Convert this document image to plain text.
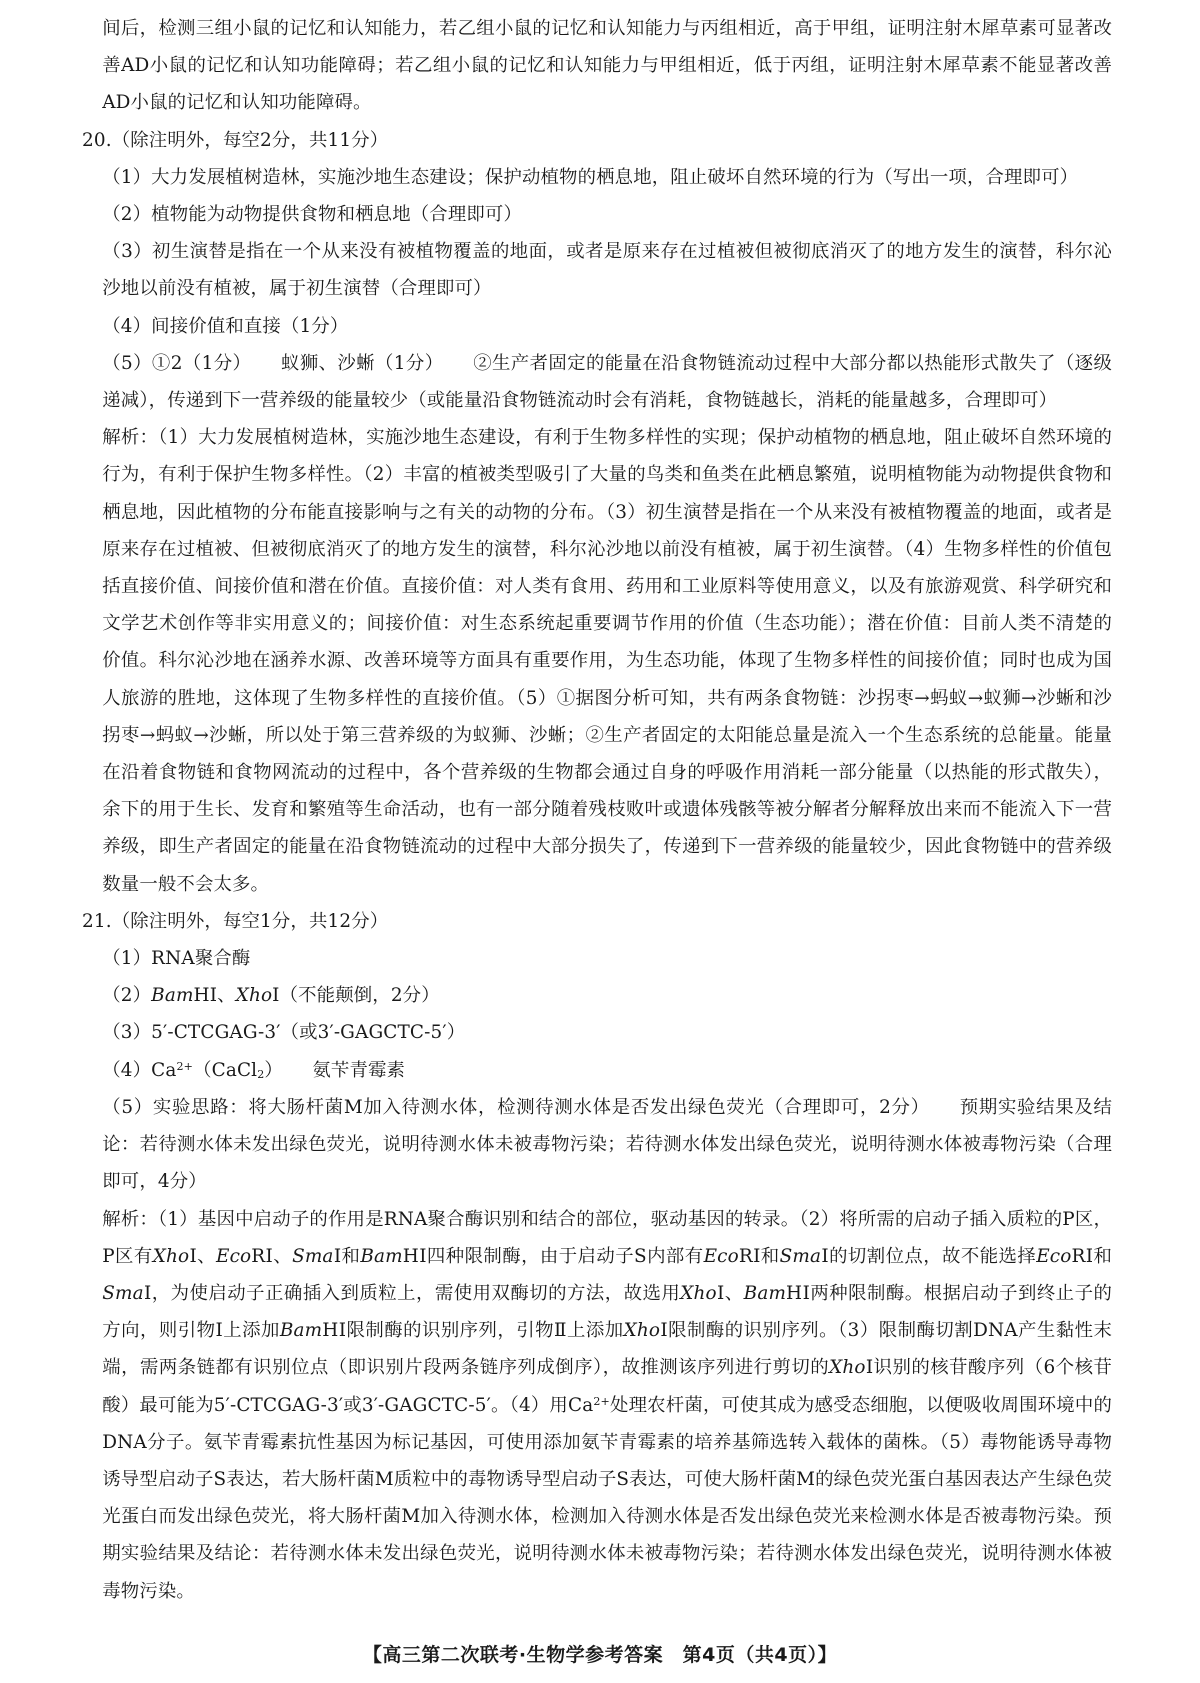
间后，检测三组小鼠的记忆和认知能力，若乙组小鼠的记忆和认知能力与丙组相近，高于甲组，证明注射木犀草素可显著改善AD小鼠的记忆和认知功能障碍；若乙组小鼠的记忆和认知能力与甲组相近，低于丙组，证明注射木犀草素不能显著改善AD小鼠的记忆和认知功能障碍。

20.（除注明外，每空2分，共11分）

（1）大力发展植树造林，实施沙地生态建设；保护动植物的栖息地，阻止破坏自然环境的行为（写出一项，合理即可）

（2）植物能为动物提供食物和栖息地（合理即可）

（3）初生演替是指在一个从来没有被植物覆盖的地面，或者是原来存在过植被但被彻底消灭了的地方发生的演替，科尔沁沙地以前没有植被，属于初生演替（合理即可）

（4）间接价值和直接（1分）

（5）①2（1分） 蚁狮、沙蜥（1分） ②生产者固定的能量在沿食物链流动过程中大部分都以热能形式散失了（逐级递减），传递到下一营养级的能量较少（或能量沿食物链流动时会有消耗，食物链越长，消耗的能量越多，合理即可）

解析：（1）大力发展植树造林，实施沙地生态建设，有利于生物多样性的实现；保护动植物的栖息地，阻止破坏自然环境的行为，有利于保护生物多样性。（2）丰富的植被类型吸引了大量的鸟类和鱼类在此栖息繁殖，说明植物能为动物提供食物和栖息地，因此植物的分布能直接影响与之有关的动物的分布。（3）初生演替是指在一个从来没有被植物覆盖的地面，或者是原来存在过植被、但被彻底消灭了的地方发生的演替，科尔沁沙地以前没有植被，属于初生演替。（4）生物多样性的价值包括直接价值、间接价值和潜在价值。直接价值：对人类有食用、药用和工业原料等使用意义，以及有旅游观赏、科学研究和文学艺术创作等非实用意义的；间接价值：对生态系统起重要调节作用的价值（生态功能）；潜在价值：目前人类不清楚的价值。科尔沁沙地在涵养水源、改善环境等方面具有重要作用，为生态功能，体现了生物多样性的间接价值；同时也成为国人旅游的胜地，这体现了生物多样性的直接价值。（5）①据图分析可知，共有两条食物链：沙拐枣→蚂蚁→蚁狮→沙蜥和沙拐枣→蚂蚁→沙蜥，所以处于第三营养级的为蚁狮、沙蜥；②生产者固定的太阳能总量是流入一个生态系统的总能量。能量在沿着食物链和食物网流动的过程中，各个营养级的生物都会通过自身的呼吸作用消耗一部分能量（以热能的形式散失），余下的用于生长、发育和繁殖等生命活动，也有一部分随着残枝败叶或遗体残骸等被分解者分解释放出来而不能流入下一营养级，即生产者固定的能量在沿食物链流动的过程中大部分损失了，传递到下一营养级的能量较少，因此食物链中的营养级数量一般不会太多。

21.（除注明外，每空1分，共12分）

（1）RNA聚合酶

（2）BamHⅠ、XhoⅠ（不能颠倒，2分）

（3）5′-CTCGAG-3′（或3′-GAGCTC-5′）

$(4)Ca^{2+}(CaCl_2)$ 氨苄青霉素

（5）实验思路：将大肠杆菌M加入待测水体，检测待测水体是否发出绿色荧光（合理即可，2分） 预期实验结果及结论：若待测水体未发出绿色荧光，说明待测水体未被毒物污染；若待测水体发出绿色荧光，说明待测水体被毒物污染（合理即可，4分）

解析：（1）基因中启动子的作用是RNA聚合酶识别和结合的部位，驱动基因的转录。（2）将所需的启动子插入质粒的P区，P区有XhoⅠ、EcoRⅠ、SmaⅠ和BamHⅠ四种限制酶，由于启动子S内部有EcoRⅠ和SmaⅠ的切割位点，故不能选择EcoRⅠ和SmaⅠ，为使启动子正确插入到质粒上，需使用双酶切的方法，故选用XhoⅠ、BamHⅠ两种限制酶。根据启动子到终止子的方向，则引物Ⅰ上添加BamHⅠ限制酶的识别序列，引物Ⅱ上添加XhoⅠ限制酶的识别序列。（3）限制酶切割DNA产生黏性末端，需两条链都有识别位点（即识别片段两条链序列成倒序），故推测该序列进行剪切的XhoⅠ识别的核苷酸序列（6个核苷酸）最可能为5′-CTCGAG-3′或3′-GAGCTC-5′。（4）用$Ca^{2+}$处理农杆菌，可使其成为感受态细胞，以便吸收周围环境中的DNA分子。氨苄青霉素抗性基因为标记基因，可使用添加氨苄青霉素的培养基筛选转入载体的菌株。（5）毒物能诱导毒物诱导型启动子S表达，若大肠杆菌M质粒中的毒物诱导型启动子S表达，可使大肠杆菌M的绿色荧光蛋白基因表达产生绿色荧光蛋白而发出绿色荧光，将大肠杆菌M加入待测水体，检测加入待测水体是否发出绿色荧光来检测水体是否被毒物污染。预期实验结果及结论：若待测水体未发出绿色荧光，说明待测水体未被毒物污染；若待测水体发出绿色荧光，说明待测水体被毒物污染。

【高三第二次联考·生物学参考答案　第4页（共4页）】
